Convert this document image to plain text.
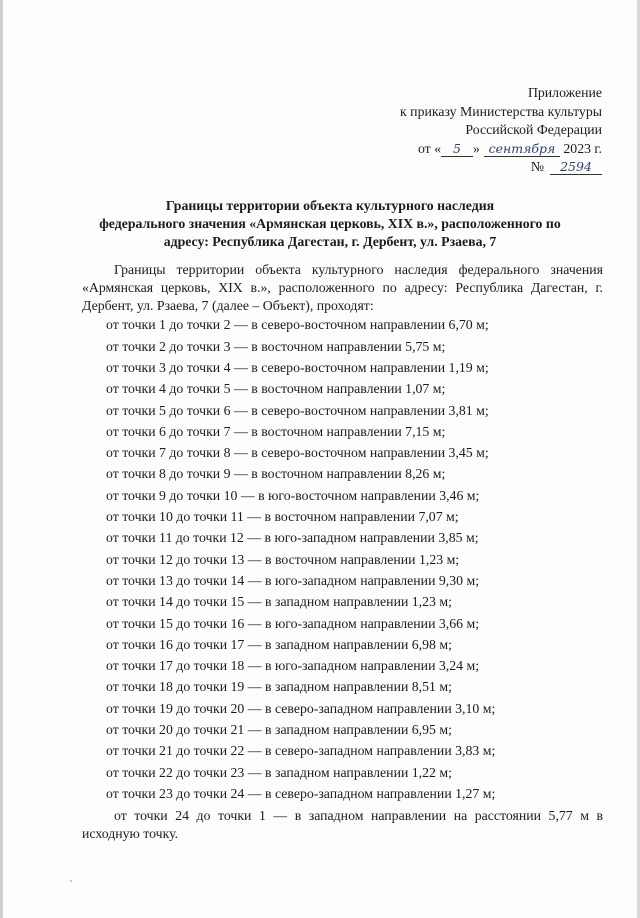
Приложение
к приказу Министерства культуры
Российской Федерации
от « 5 » сентября 2023 г.
№ 2594
Границы территории объекта культурного наследия
федерального значения «Армянская церковь, XIX в.», расположенного по
адресу: Республика Дагестан, г. Дербент, ул. Рзаева, 7

Границы территории объекта культурного наследия федерального значения «Армянская церковь, XIX в.», расположенного по адресу: Республика Дагестан, г. Дербент, ул. Рзаева, 7 (далее – Объект), проходят:

от точки 1 до точки 2 — в северо-восточном направлении 6,70 м;
от точки 2 до точки 3 — в восточном направлении 5,75 м;
от точки 3 до точки 4 — в северо-восточном направлении 1,19 м;
от точки 4 до точки 5 — в восточном направлении 1,07 м;
от точки 5 до точки 6 — в северо-восточном направлении 3,81 м;
от точки 6 до точки 7 — в восточном направлении 7,15 м;
от точки 7 до точки 8 — в северо-восточном направлении 3,45 м;
от точки 8 до точки 9 — в восточном направлении 8,26 м;
от точки 9 до точки 10 — в юго-восточном направлении 3,46 м;
от точки 10 до точки 11 — в восточном направлении 7,07 м;
от точки 11 до точки 12 — в юго-западном направлении 3,85 м;
от точки 12 до точки 13 — в восточном направлении 1,23 м;
от точки 13 до точки 14 — в юго-западном направлении 9,30 м;
от точки 14 до точки 15 — в западном направлении 1,23 м;
от точки 15 до точки 16 — в юго-западном направлении 3,66 м;
от точки 16 до точки 17 — в западном направлении 6,98 м;
от точки 17 до точки 18 — в юго-западном направлении 3,24 м;
от точки 18 до точки 19 — в западном направлении 8,51 м;
от точки 19 до точки 20 — в северо-западном направлении 3,10 м;
от точки 20 до точки 21 — в западном направлении 6,95 м;
от точки 21 до точки 22 — в северо-западном направлении 3,83 м;
от точки 22 до точки 23 — в западном направлении 1,22 м;
от точки 23 до точки 24 — в северо-западном направлении 1,27 м;
от точки 24 до точки 1 — в западном направлении на расстоянии 5,77 м в исходную точку.
